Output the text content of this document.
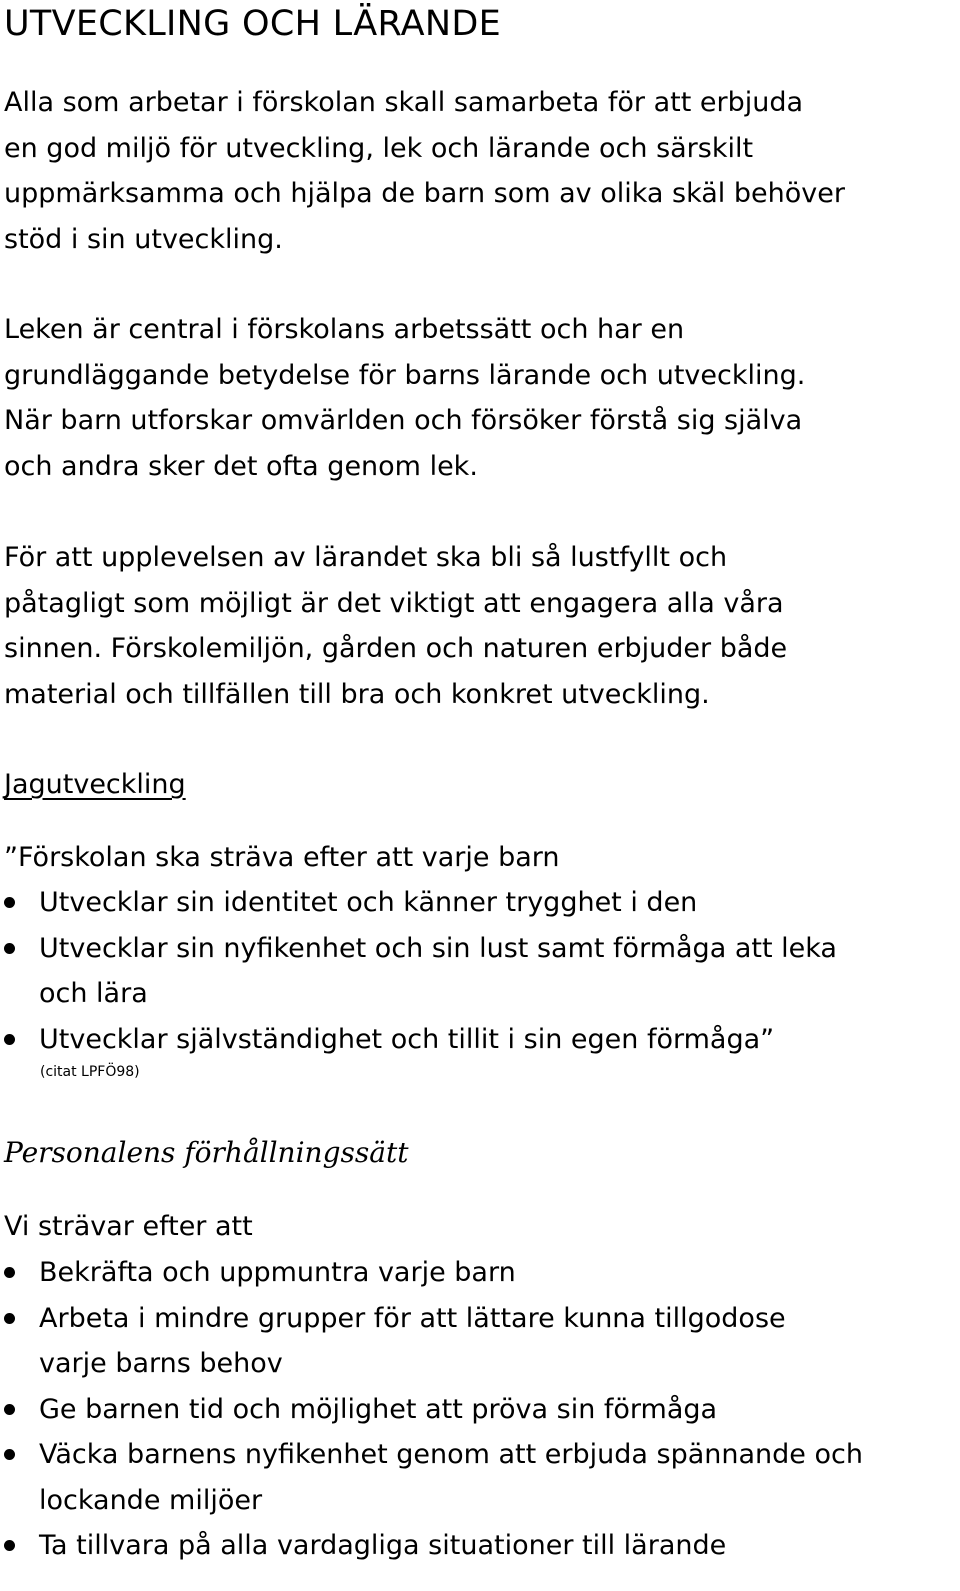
UTVECKLING OCH LÄRANDE

Alla som arbetar i förskolan skall samarbeta för att erbjuda
en god miljö för utveckling, lek och lärande och särskilt
uppmärksamma och hjälpa de barn som av olika skäl behöver
stöd i sin utveckling.

Leken är central i förskolans arbetssätt och har en
grundläggande betydelse för barns lärande och utveckling.
När barn utforskar omvärlden och försöker förstå sig själva
och andra sker det ofta genom lek.

För att upplevelsen av lärandet ska bli så lustfyllt och
påtagligt som möjligt är det viktigt att engagera alla våra
sinnen. Förskolemiljön, gården och naturen erbjuder både
material och tillfällen till bra och konkret utveckling.

Jagutveckling
”Förskolan ska sträva efter att varje barn
Utvecklar sin identitet och känner trygghet i den
Utvecklar sin nyfikenhet och sin lust samt förmåga att leka
och lära
Utvecklar självständighet och tillit i sin egen förmåga”
(citat LPFÖ98)
Personalens förhållningssätt
Vi strävar efter att
Bekräfta och uppmuntra varje barn
Arbeta i mindre grupper för att lättare kunna tillgodose
varje barns behov
Ge barnen tid och möjlighet att pröva sin förmåga
Väcka barnens nyfikenhet genom att erbjuda spännande och
lockande miljöer
Ta tillvara på alla vardagliga situationer till lärande
